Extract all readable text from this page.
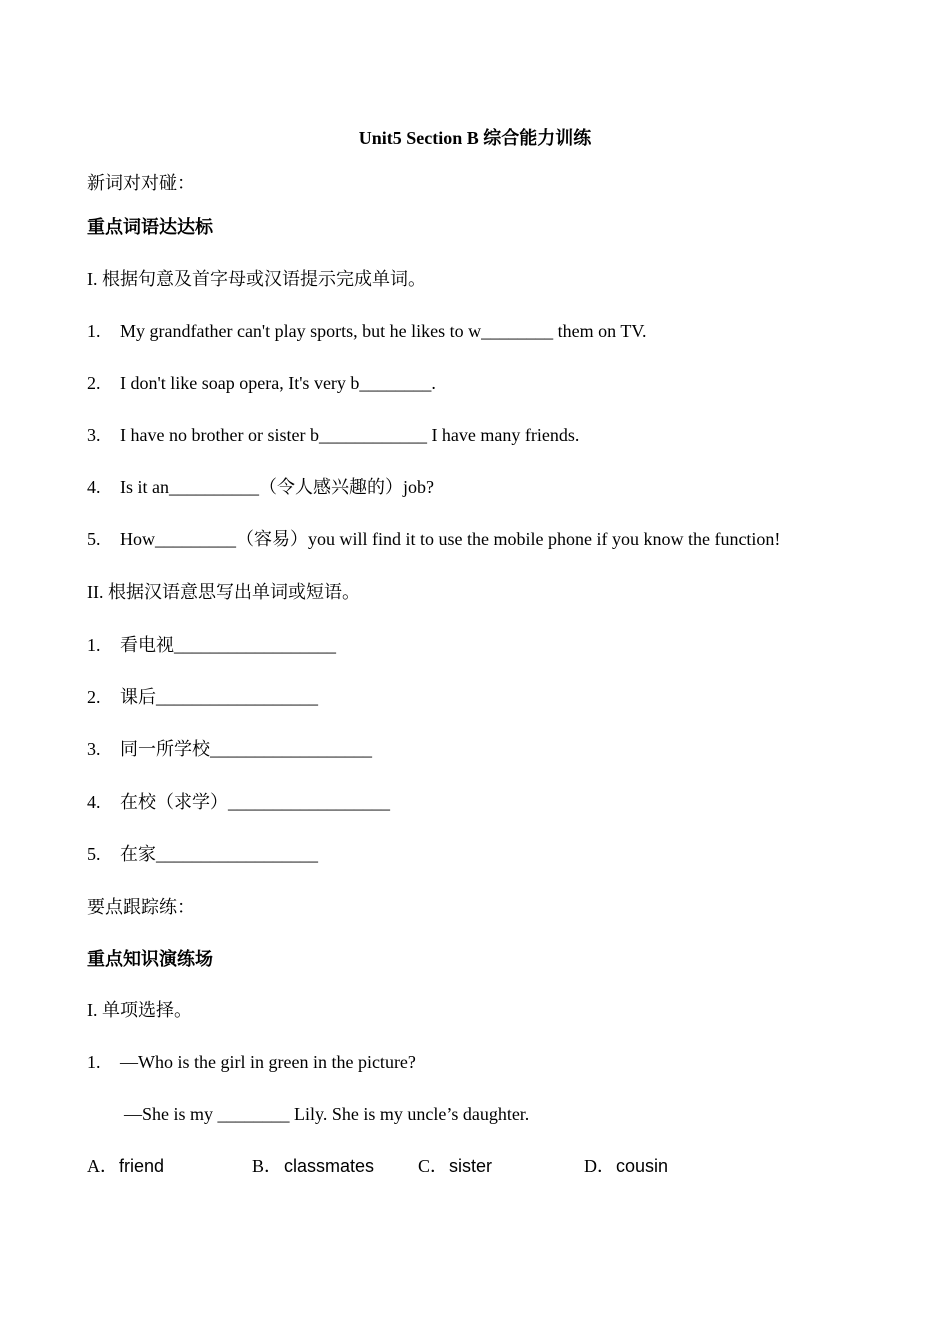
Unit5 Section B 综合能力训练
新词对对碰：
重点词语达达标
I. 根据句意及首字母或汉语提示完成单词。
1. My grandfather can't play sports, but he likes to w________ them on TV.
2. I don't like soap opera, It's very b________.
3. I have no brother or sister b____________ I have many friends.
4. Is it an__________（令人感兴趣的）job?
5. How_________（容易）you will find it to use the mobile phone if you know the function!
II. 根据汉语意思写出单词或短语。
1. 看电视__________________
2. 课后__________________
3. 同一所学校__________________
4. 在校（求学）__________________
5. 在家__________________
要点跟踪练：
重点知识演练场
I. 单项选择。
1. —Who is the girl in green in the picture?
—She is my ________ Lily. She is my uncle’s daughter.
A． friend	B． classmates C． sister	D． cousin
